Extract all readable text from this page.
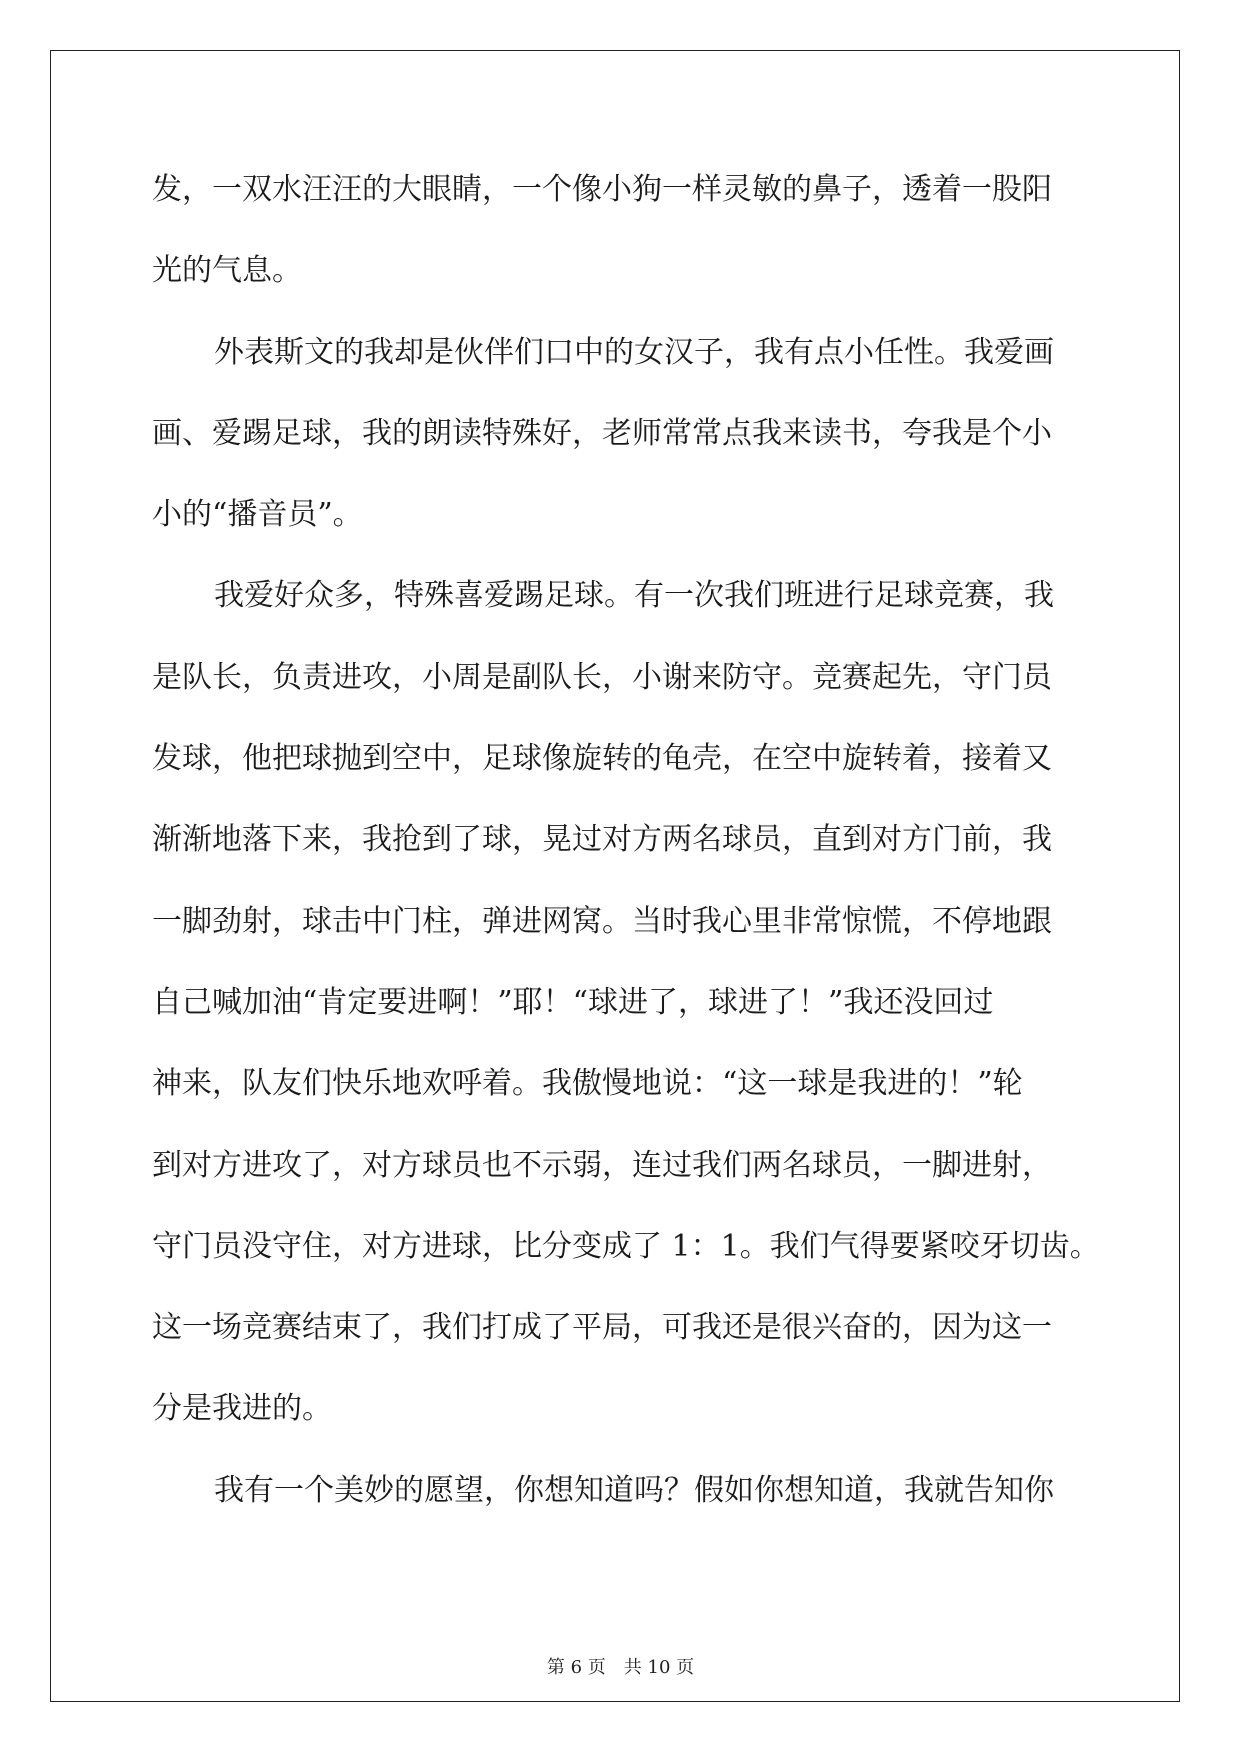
发，一双水汪汪的大眼睛，一个像小狗一样灵敏的鼻子，透着一股阳
光的气息。
外表斯文的我却是伙伴们口中的女汉子，我有点小任性。我爱画
画、爱踢足球，我的朗读特殊好，老师常常点我来读书，夸我是个小
小的“播音员”。
我爱好众多，特殊喜爱踢足球。有一次我们班进行足球竞赛，我
是队长，负责进攻，小周是副队长，小谢来防守。竞赛起先，守门员
发球，他把球抛到空中，足球像旋转的龟壳，在空中旋转着，接着又
渐渐地落下来，我抢到了球，晃过对方两名球员，直到对方门前，我
一脚劲射，球击中门柱，弹进网窝。当时我心里非常惊慌，不停地跟
自己喊加油“肯定要进啊！”耶！“球进了，球进了！”我还没回过
神来，队友们快乐地欢呼着。我傲慢地说：“这一球是我进的！”轮
到对方进攻了，对方球员也不示弱，连过我们两名球员，一脚进射，
守门员没守住，对方进球，比分变成了 1：1。我们气得要紧咬牙切齿。
这一场竞赛结束了，我们打成了平局，可我还是很兴奋的，因为这一
分是我进的。
我有一个美妙的愿望，你想知道吗？假如你想知道，我就告知你
第 6 页　共 10 页
